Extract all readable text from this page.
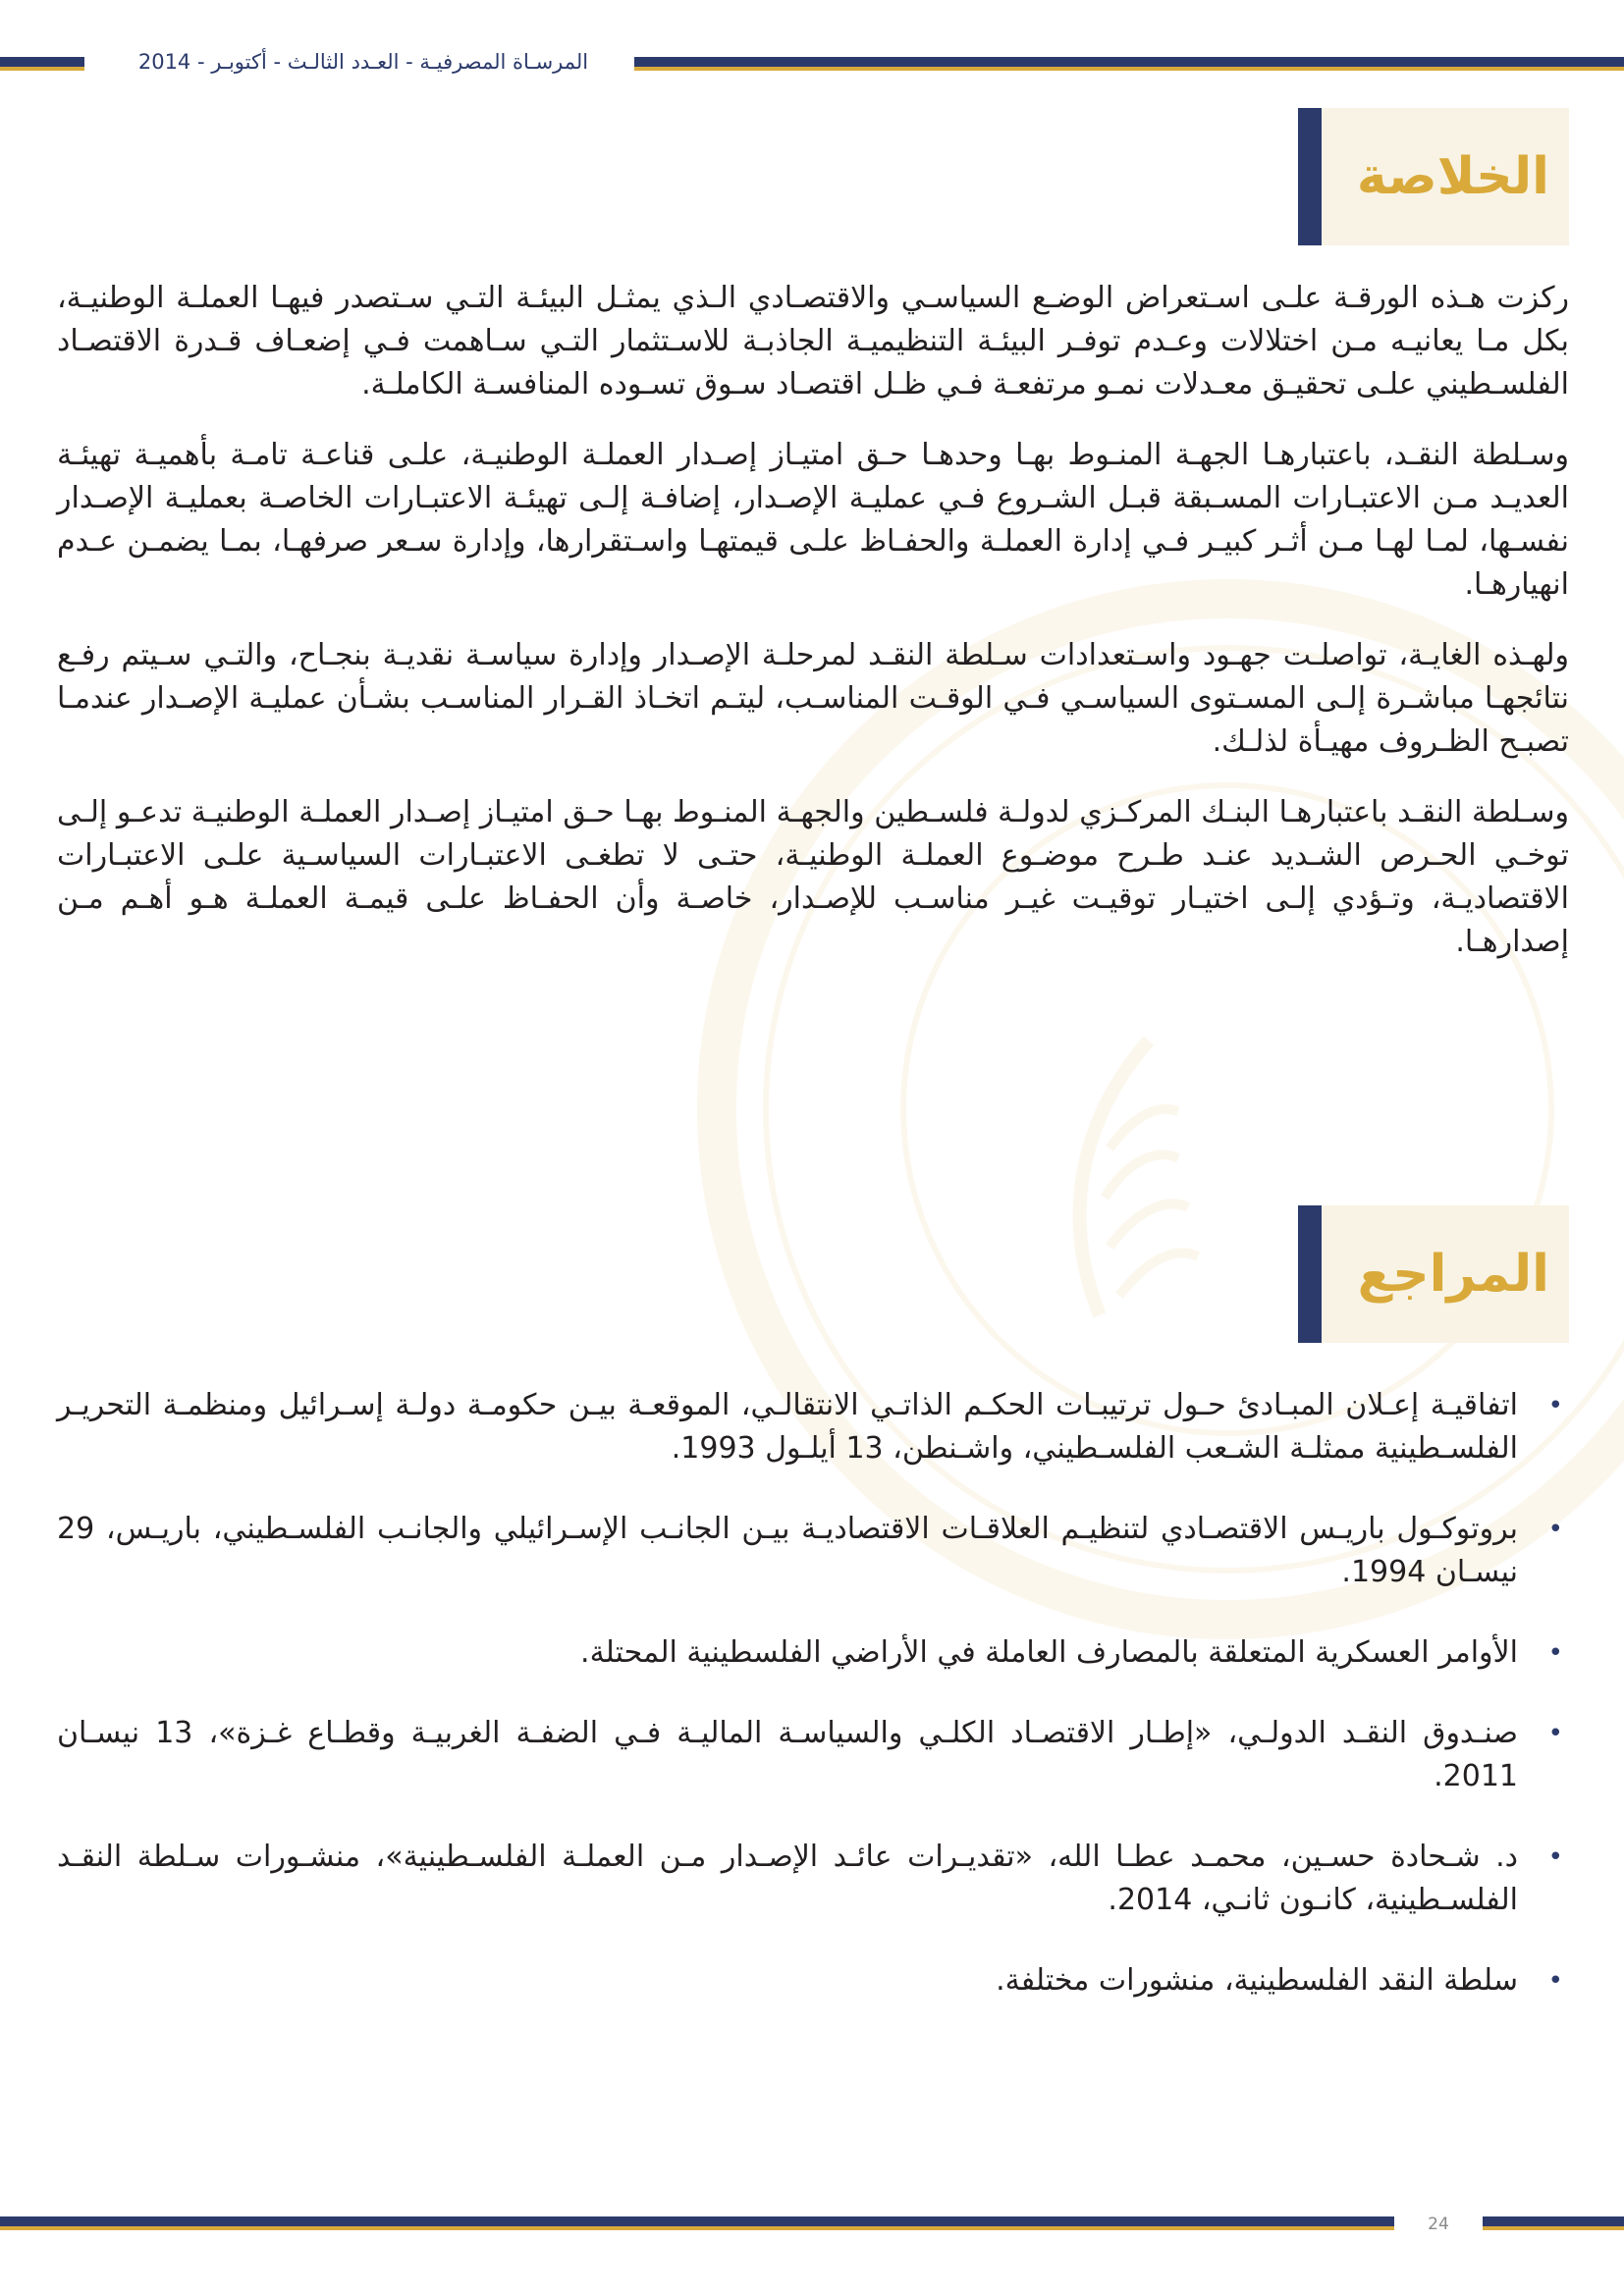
المرسـاة المصرفيـة - العـدد الثالـث - أكتوبـر - 2014
الخلاصة

ركزت هـذه الورقـة علـى اسـتعراض الوضـع السياسـي والاقتصـادي الـذي يمثـل البيئـة التـي سـتصدر فيهـا العملـة الوطنيـة، بكل مـا يعانيـه مـن اختلالات وعـدم توفـر البيئـة التنظيميـة الجاذبـة للاسـتثمار التـي سـاهمت فـي إضعـاف قـدرة الاقتصـاد الفلسـطيني علـى تحقيـق معـدلات نمـو مرتفعـة فـي ظـل اقتصـاد سـوق تسـوده المنافسـة الكاملـة.

وسـلطة النقـد، باعتبارهـا الجهـة المنـوط بهـا وحدهـا حـق امتيـاز إصـدار العملـة الوطنيـة، علـى قناعـة تامـة بأهميـة تهيئـة العديـد مـن الاعتبـارات المسـبقة قبـل الشـروع فـي عمليـة الإصـدار، إضافـة إلـى تهيئـة الاعتبـارات الخاصـة بعمليـة الإصـدار نفسـها، لمـا لهـا مـن أثـر كبيـر فـي إدارة العملـة والحفـاظ علـى قيمتهـا واسـتقرارها، وإدارة سـعر صرفهـا، بمـا يضمـن عـدم انهيارهـا.

ولهـذه الغايـة، تواصلـت جهـود واسـتعدادات سـلطة النقـد لمرحلـة الإصـدار وإدارة سياسـة نقديـة بنجـاح، والتـي سـيتم رفـع نتائجهـا مباشـرة إلـى المسـتوى السياسـي فـي الوقـت المناسـب، ليتـم اتخـاذ القـرار المناسـب بشـأن عمليـة الإصـدار عندمـا تصبـح الظـروف مهيـأة لذلـك.

وسـلطة النقـد باعتبارهـا البنـك المركـزي لدولـة فلسـطين والجهـة المنـوط بهـا حـق امتيـاز إصـدار العملـة الوطنيـة تدعـو إلـى توخـي الحـرص الشـديد عنـد طـرح موضـوع العملـة الوطنيـة، حتـى لا تطغـى الاعتبـارات السياسـية علـى الاعتبـارات الاقتصاديـة، وتـؤدي إلـى اختيـار توقيـت غيـر مناسـب للإصـدار، خاصـة وأن الحفـاظ علـى قيمـة العملـة هـو أهـم مـن إصدارهـا.

المراجع
•
اتفاقيـة إعـلان المبـادئ حـول ترتيبـات الحكـم الذاتـي الانتقالـي، الموقعـة بيـن حكومـة دولـة إسـرائيل ومنظمـة التحريـر الفلسـطينية ممثلـة الشـعب الفلسـطيني، واشـنطن، 13 أيلـول 1993.
•
بروتوكـول باريـس الاقتصـادي لتنظيـم العلاقـات الاقتصاديـة بيـن الجانـب الإسـرائيلي والجانـب الفلسـطيني، باريـس، 29 نيسـان 1994.
•
الأوامر العسكرية المتعلقة بالمصارف العاملة في الأراضي الفلسطينية المحتلة.
•
صنـدوق النقـد الدولـي، «إطـار الاقتصـاد الكلـي والسياسـة الماليـة فـي الضفـة الغربيـة وقطـاع غـزة»، 13 نيسـان 2011.
•
د. شـحادة حسـين، محمـد عطـا الله، «تقديـرات عائـد الإصـدار مـن العملـة الفلسـطينية»، منشـورات سـلطة النقـد الفلسـطينية، كانـون ثانـي، 2014.
•
سلطة النقد الفلسطينية، منشورات مختلفة.
24
